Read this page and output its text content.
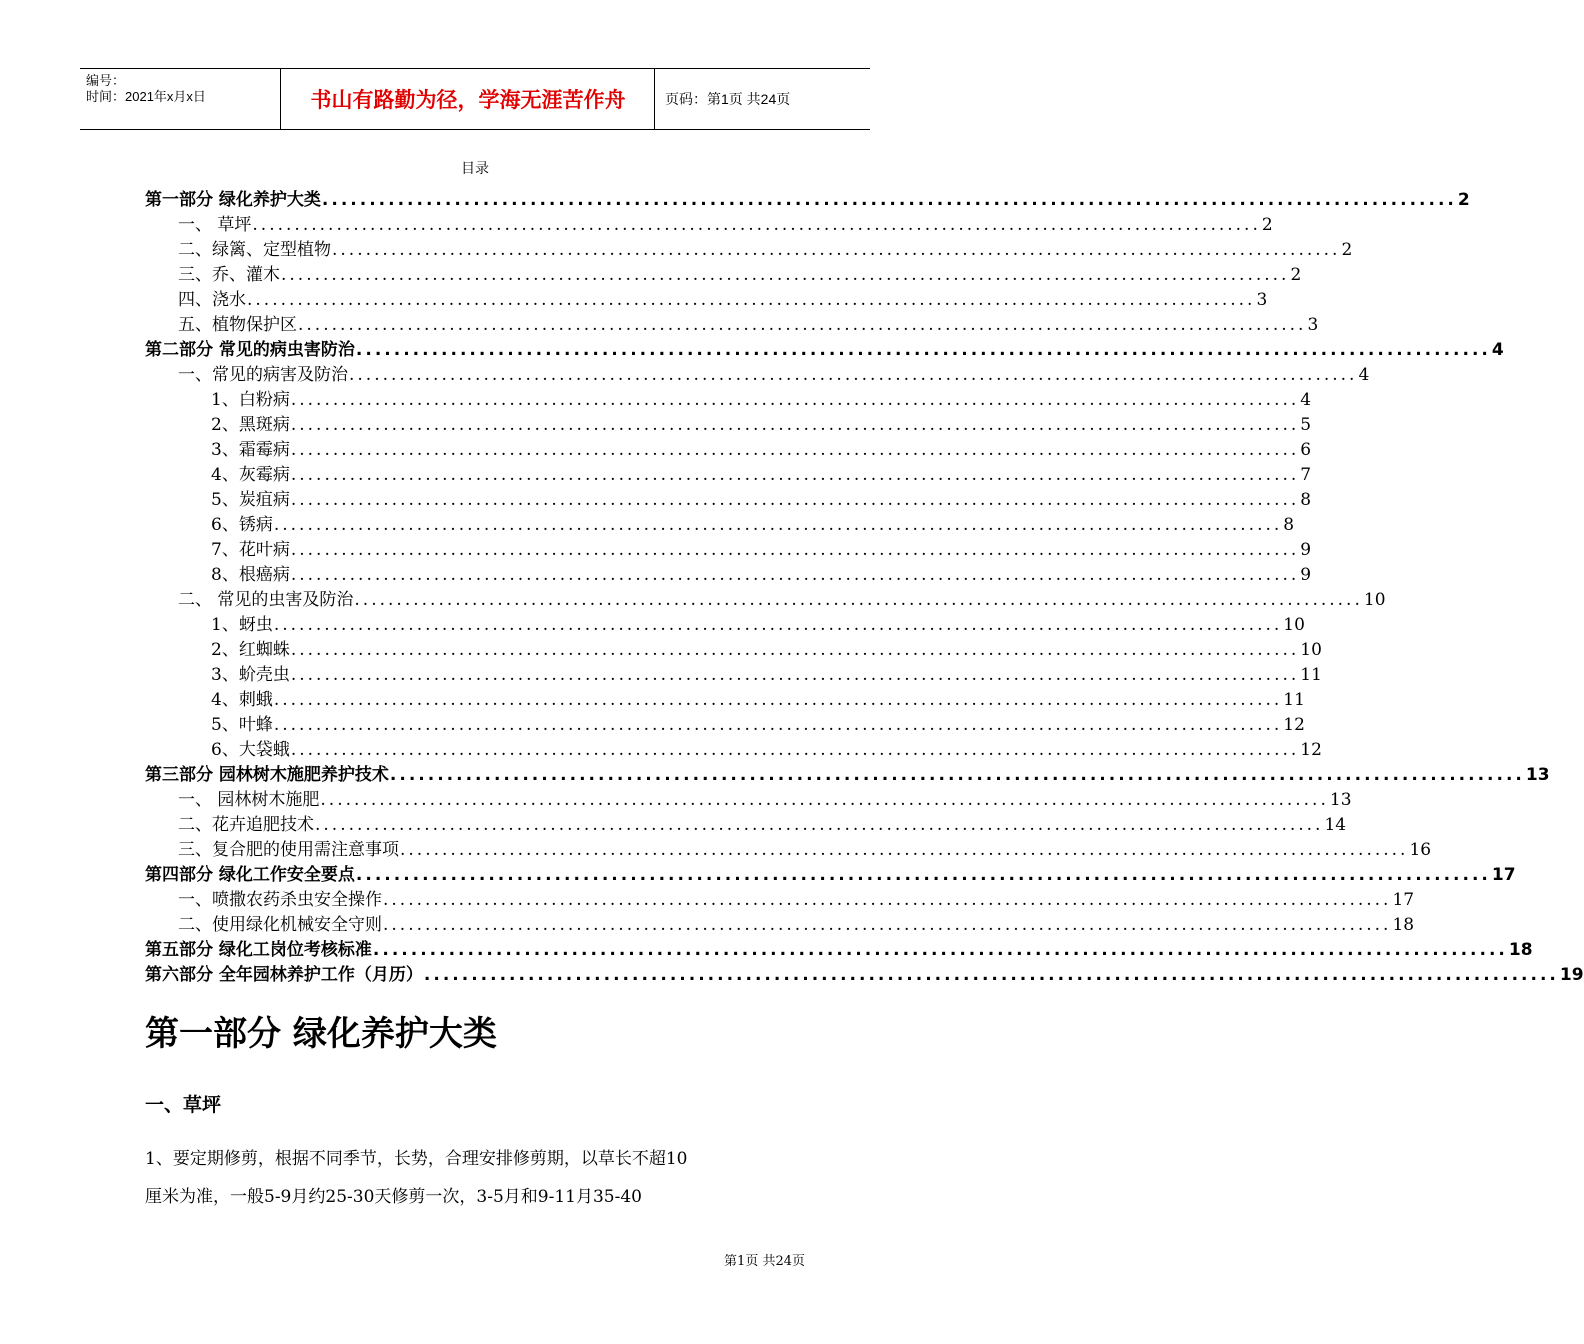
编号：
时间：2021年x月x日	书山有路勤为径，学海无涯苦作舟	页码：第1页 共24页
目录
第一部分 绿化养护大类 ........................................................................................................................ 2
一、 草坪 ........................................................................................................................ 2
二、绿篱、定型植物 ........................................................................................................................ 2
三、乔、灌木 ........................................................................................................................ 2
四、浇水 ........................................................................................................................ 3
五、植物保护区 ........................................................................................................................ 3
第二部分 常见的病虫害防治 ........................................................................................................................ 4
一、常见的病害及防治 ........................................................................................................................ 4
1、白粉病 ........................................................................................................................ 4
2、黑斑病 ........................................................................................................................ 5
3、霜霉病 ........................................................................................................................ 6
4、灰霉病 ........................................................................................................................ 7
5、炭疽病 ........................................................................................................................ 8
6、锈病 ........................................................................................................................ 8
7、花叶病 ........................................................................................................................ 9
8、根癌病 ........................................................................................................................ 9
二、 常见的虫害及防治 ........................................................................................................................ 10
1、蚜虫 ........................................................................................................................ 10
2、红蜘蛛 ........................................................................................................................ 10
3、蚧壳虫 ........................................................................................................................ 11
4、刺蛾 ........................................................................................................................ 11
5、叶蜂 ........................................................................................................................ 12
6、大袋蛾 ........................................................................................................................ 12
第三部分 园林树木施肥养护技术 ........................................................................................................................ 13
一、 园林树木施肥 ........................................................................................................................ 13
二、花卉追肥技术 ........................................................................................................................ 14
三、复合肥的使用需注意事项 ........................................................................................................................ 16
第四部分 绿化工作安全要点 ........................................................................................................................ 17
一、喷撒农药杀虫安全操作 ........................................................................................................................ 17
二、使用绿化机械安全守则 ........................................................................................................................ 18
第五部分 绿化工岗位考核标准 ........................................................................................................................ 18
第六部分 全年园林养护工作（月历） ........................................................................................................................ 19
第一部分 绿化养护大类
一、草坪
1、要定期修剪，根据不同季节，长势，合理安排修剪期，以草长不超10
厘米为准，一般5-9月约25-30天修剪一次，3-5月和9-11月35-40
第1页 共24页
